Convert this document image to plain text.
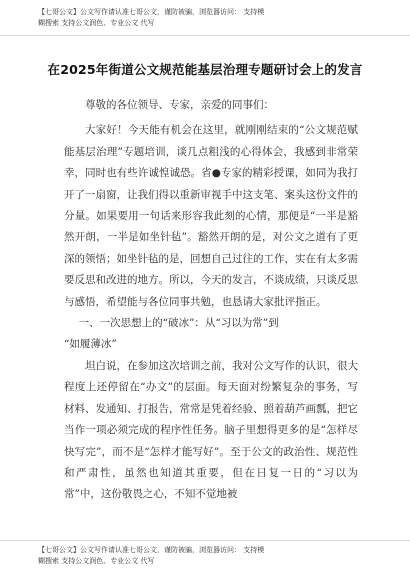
【七哥公文】公文写作请认准七哥公文，谨防被骗，浏览器访问： 支持模
糊搜索 支持公文润色、专业公文 代写
在2025年街道公文规范能基层治理专题研讨会上的发言

尊敬的各位领导、专家，亲爱的同事们：

大家好！今天能有机会在这里，就刚刚结束的“公文规范赋能基层治理”专题培训，谈几点粗浅的心得体会，我感到非常荣幸，同时也有些许诚惶诚恐。省●专家的精彩授课，如同为我打开了一扇窗，让我们得以重新审视手中这支笔、案头这份文件的分量。如果要用一句话来形容我此刻的心情，那便是“一半是豁然开朗，一半是如坐针毡”。豁然开朗的是，对公文之道有了更深的领悟；如坐针毡的是，回想自己过往的工作，实在有太多需要反思和改进的地方。所以，今天的发言，不谈成绩，只谈反思与感悟，希望能与各位同事共勉，也恳请大家批评指正。

一、一次思想上的“破冰”：从“习以为常”到

“如履薄冰”

坦白说，在参加这次培训之前，我对公文写作的认识，很大程度上还停留在“办文”的层面。每天面对纷繁复杂的事务，写材料、发通知、打报告，常常是凭着经验、照着葫芦画瓢，把它当作一项必须完成的程序性任务。脑子里想得更多的是“怎样尽快写完”，而不是“怎样才能写好”。至于公文的政治性、规范性和严肃性，虽然也知道其重要，但在日复一日的“习以为常”中，这份敬畏之心，不知不觉地被

【七哥公文】公文写作请认准七哥公文，谨防被骗，浏览器访问： 支持模
糊搜索 支持公文润色、专业公文 代写
